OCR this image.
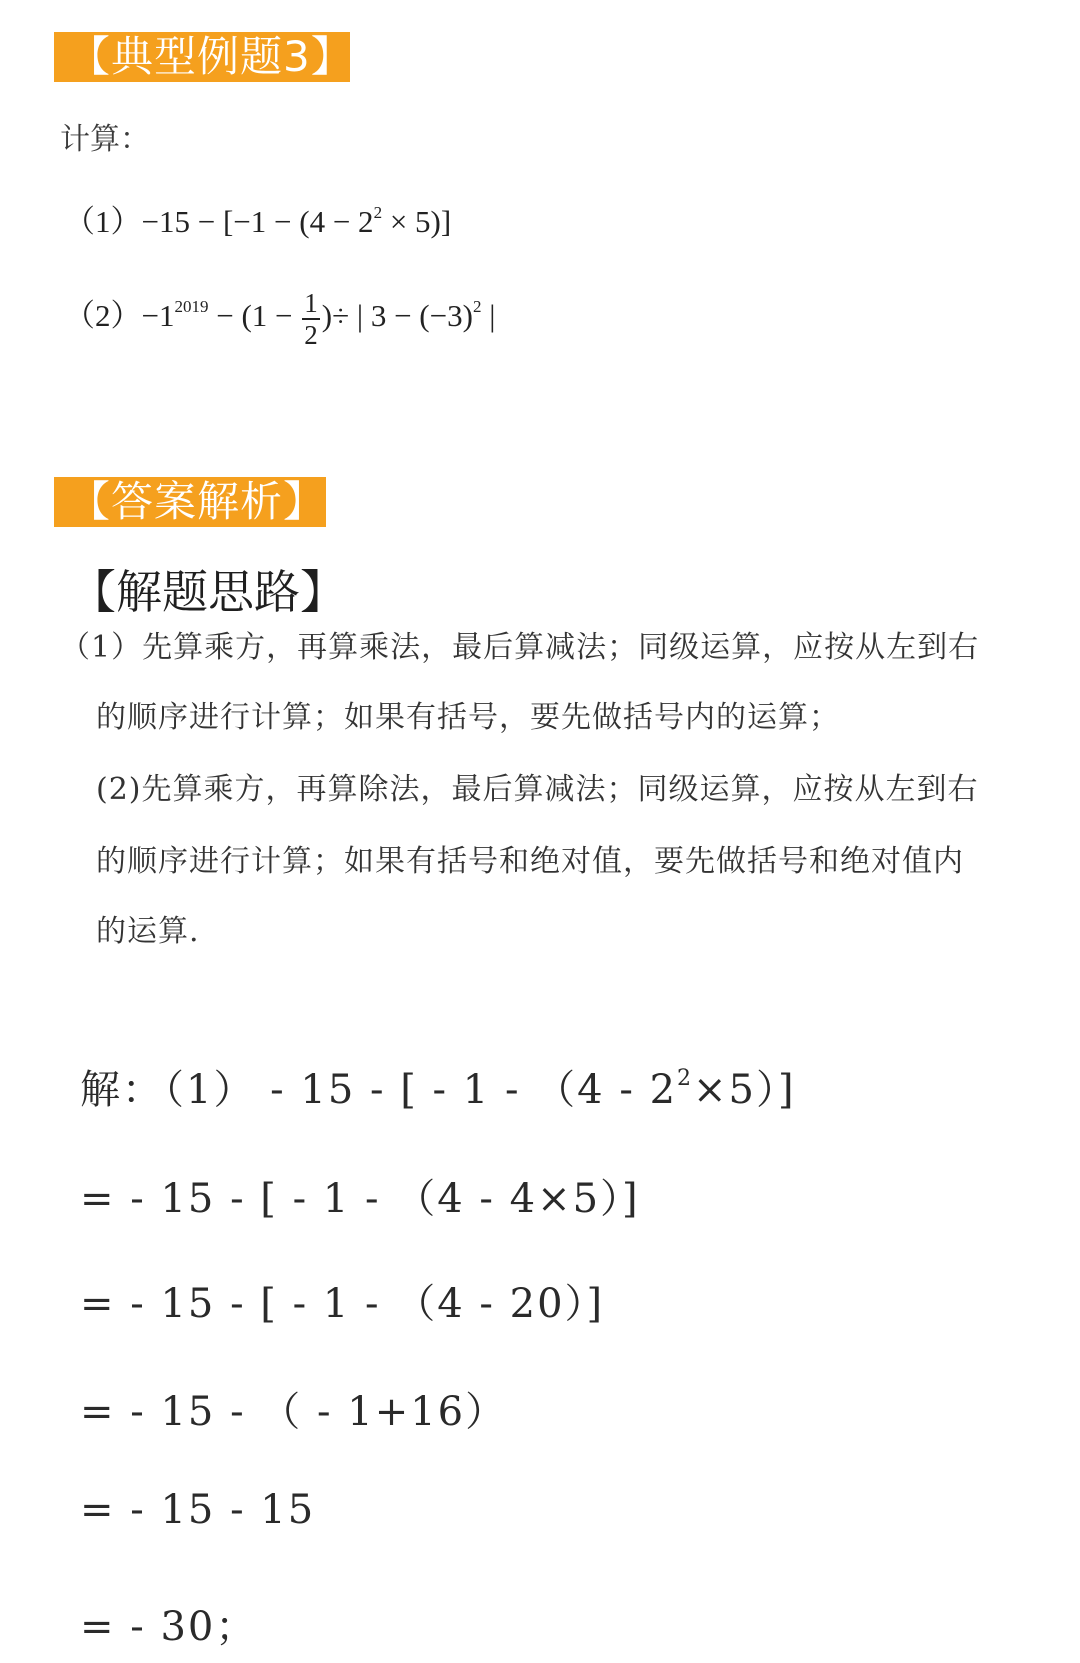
【典型例题3】
计算：
$(1)-15 - [-1 - (4 - 2^2 \times 5)]$
$(2)-1^{2019} - (1 - \frac{1}{2}$ )÷ | $3 - (-3)^2$ |
【答案解析】
【解题思路】
（1）先算乘方，再算乘法，最后算减法；同级运算，应按从左到右
的顺序进行计算；如果有括号，要先做括号内的运算；
(2)先算乘方，再算除法，最后算减法；同级运算，应按从左到右
的顺序进行计算；如果有括号和绝对值，要先做括号和绝对值内
的运算.
解：（1） - 15 - [ - $1 - (4 - 2^2\times 5)$]
= - 15 - [ - 1 - （4 - 4×5）]
= - 15 - [ - 1 - （4 - 20）]
= - 15 - （ - 1+16）
= - 15 - 15
= - 30；
